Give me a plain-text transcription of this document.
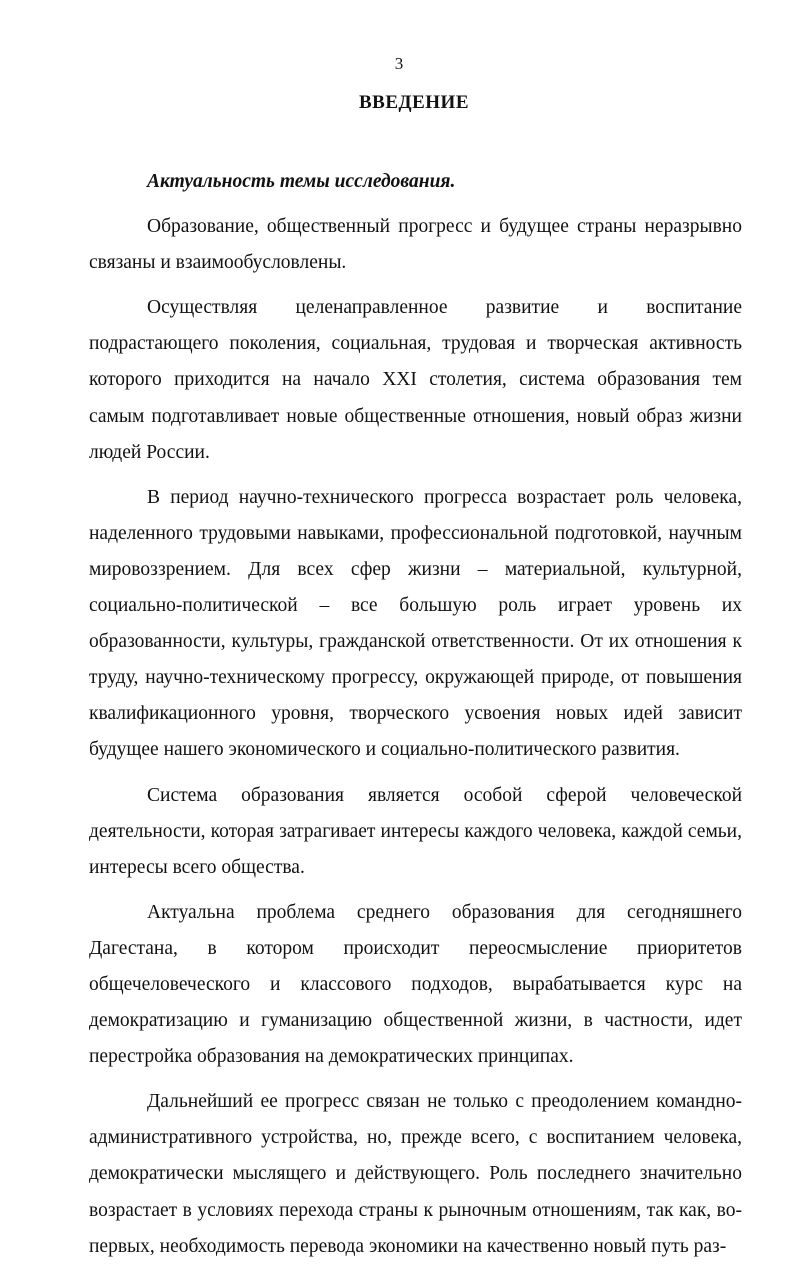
3
ВВЕДЕНИЕ

Актуальность темы исследования.

Образование, общественный прогресс и будущее страны неразрывно связаны и взаимообусловлены.

Осуществляя целенаправленное развитие и воспитание подрастающего поколения, социальная, трудовая и творческая активность которого приходится на начало XXI столетия, система образования тем самым подготавливает новые общественные отношения, новый образ жизни людей России.

В период научно-технического прогресса возрастает роль человека, наделенного трудовыми навыками, профессиональной подготовкой, научным мировоззрением. Для всех сфер жизни – материальной, культурной, социально-политической – все большую роль играет уровень их образованности, культуры, гражданской ответственности. От их отношения к труду, научно-техническому прогрессу, окружающей природе, от повышения квалификационного уровня, творческого усвоения новых идей зависит будущее нашего экономического и социально-политического развития.

Система образования является особой сферой человеческой деятельности, которая затрагивает интересы каждого человека, каждой семьи, интересы всего общества.

Актуальна проблема среднего образования для сегодняшнего Дагестана, в котором происходит переосмысление приоритетов общечеловеческого и классового подходов, вырабатывается курс на демократизацию и гуманизацию общественной жизни, в частности, идет перестройка образования на демократических принципах.

Дальнейший ее прогресс связан не только с преодолением командно-административного устройства, но, прежде всего, с воспитанием человека, демократически мыслящего и действующего. Роль последнего значительно возрастает в условиях перехода страны к рыночным отношениям, так как, во-первых, необходимость перевода экономики на качественно новый путь раз-
